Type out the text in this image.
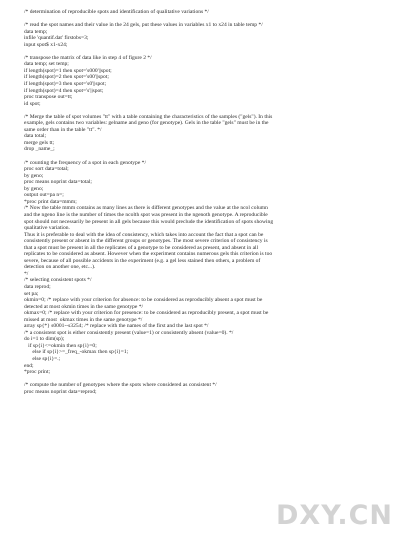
/* determination of reproducible spots and identification of qualitative variations */
/* read the spot names and their value in the 24 gels, put these values in variables x1 to x24 in table temp */
data temp;
infile 'quantif.dat' firstobs=3;
input spot$ x1-x24;
/* transpose the matrix of data like in step 4 of figure 2 */
data temp; set temp;
if length(spot)=1 then spot='s000'||spot;
if length(spot)=2 then spot='s00'||spot;
if length(spot)=3 then spot='s0'||spot;
if length(spot)=4 then spot='s'||spot;
proc transpose out=tt;
id spot;
/* Merge the table of spot volumes "tt" with a table containing the characteristics of the samples ("gels"). In this
example, gels contains two variables: gelname and geno (for genotype). Gels in the table "gels" must be in the
same order than in the table "tt". */
data total;
merge gels tt;
drop _name_;
/* counting the frequency of a spot in each genotype */
proc sort data=total;
by geno;
proc means noprint data=total;
by geno;
output out=pa n=;
*proc print data=mmm;
/* Now the table mmm contains as many lines as there is different genotypes and the value at the ncol column
and the ngeno line is the number of times the ncolth spot was present in the ngenoth genotype. A reproducible
spot should not necessarily be present in all gels because this would preclude the identification of spots showing
qualitative variation.
Thus it is preferable to deal with the idea of consistency, which takes into account the fact that a spot can be
consistently present or absent in the different groups or genotypes. The most severe criterion of consistency is
that a spot must be present in all the replicates of a genotype to be considered as present, and absent in all
replicates to be considered as absent. However when the experiment contains numerous gels this criterion is too
severe, because of all possible accidents in the experiment (e.g. a gel less stained then others, a problem of
detection on another one, etc...).
*/
/* selecting consistent spots */
data reprod;
set pa;
okmin=0; /* replace with your criterion for absence: to be considered as reproducibly absent a spot must be
detected at most okmin times in the same genotype */
okmax=0; /* replace with your criterion for presence: to be considered as reproducibly present, a spot must be
missed at most  okmax times in the same genotype */
array sp{*} s0001--s3254; /* replace with the names of the first and the last spot */
/* a consistent spot is either consistently present (value=1) or consistently absent (value=0). */
do i=1 to dim(sp);
if sp{i}<=okmin then sp{i}=0;
else if sp{i}>=_freq_-okmax then sp{i}=1;
else sp{i}=.;
end;
*proc print;
/* compute the number of genotypes where the spots where considered as consistent */
proc means noprint data=reprod;
DXY.CN
